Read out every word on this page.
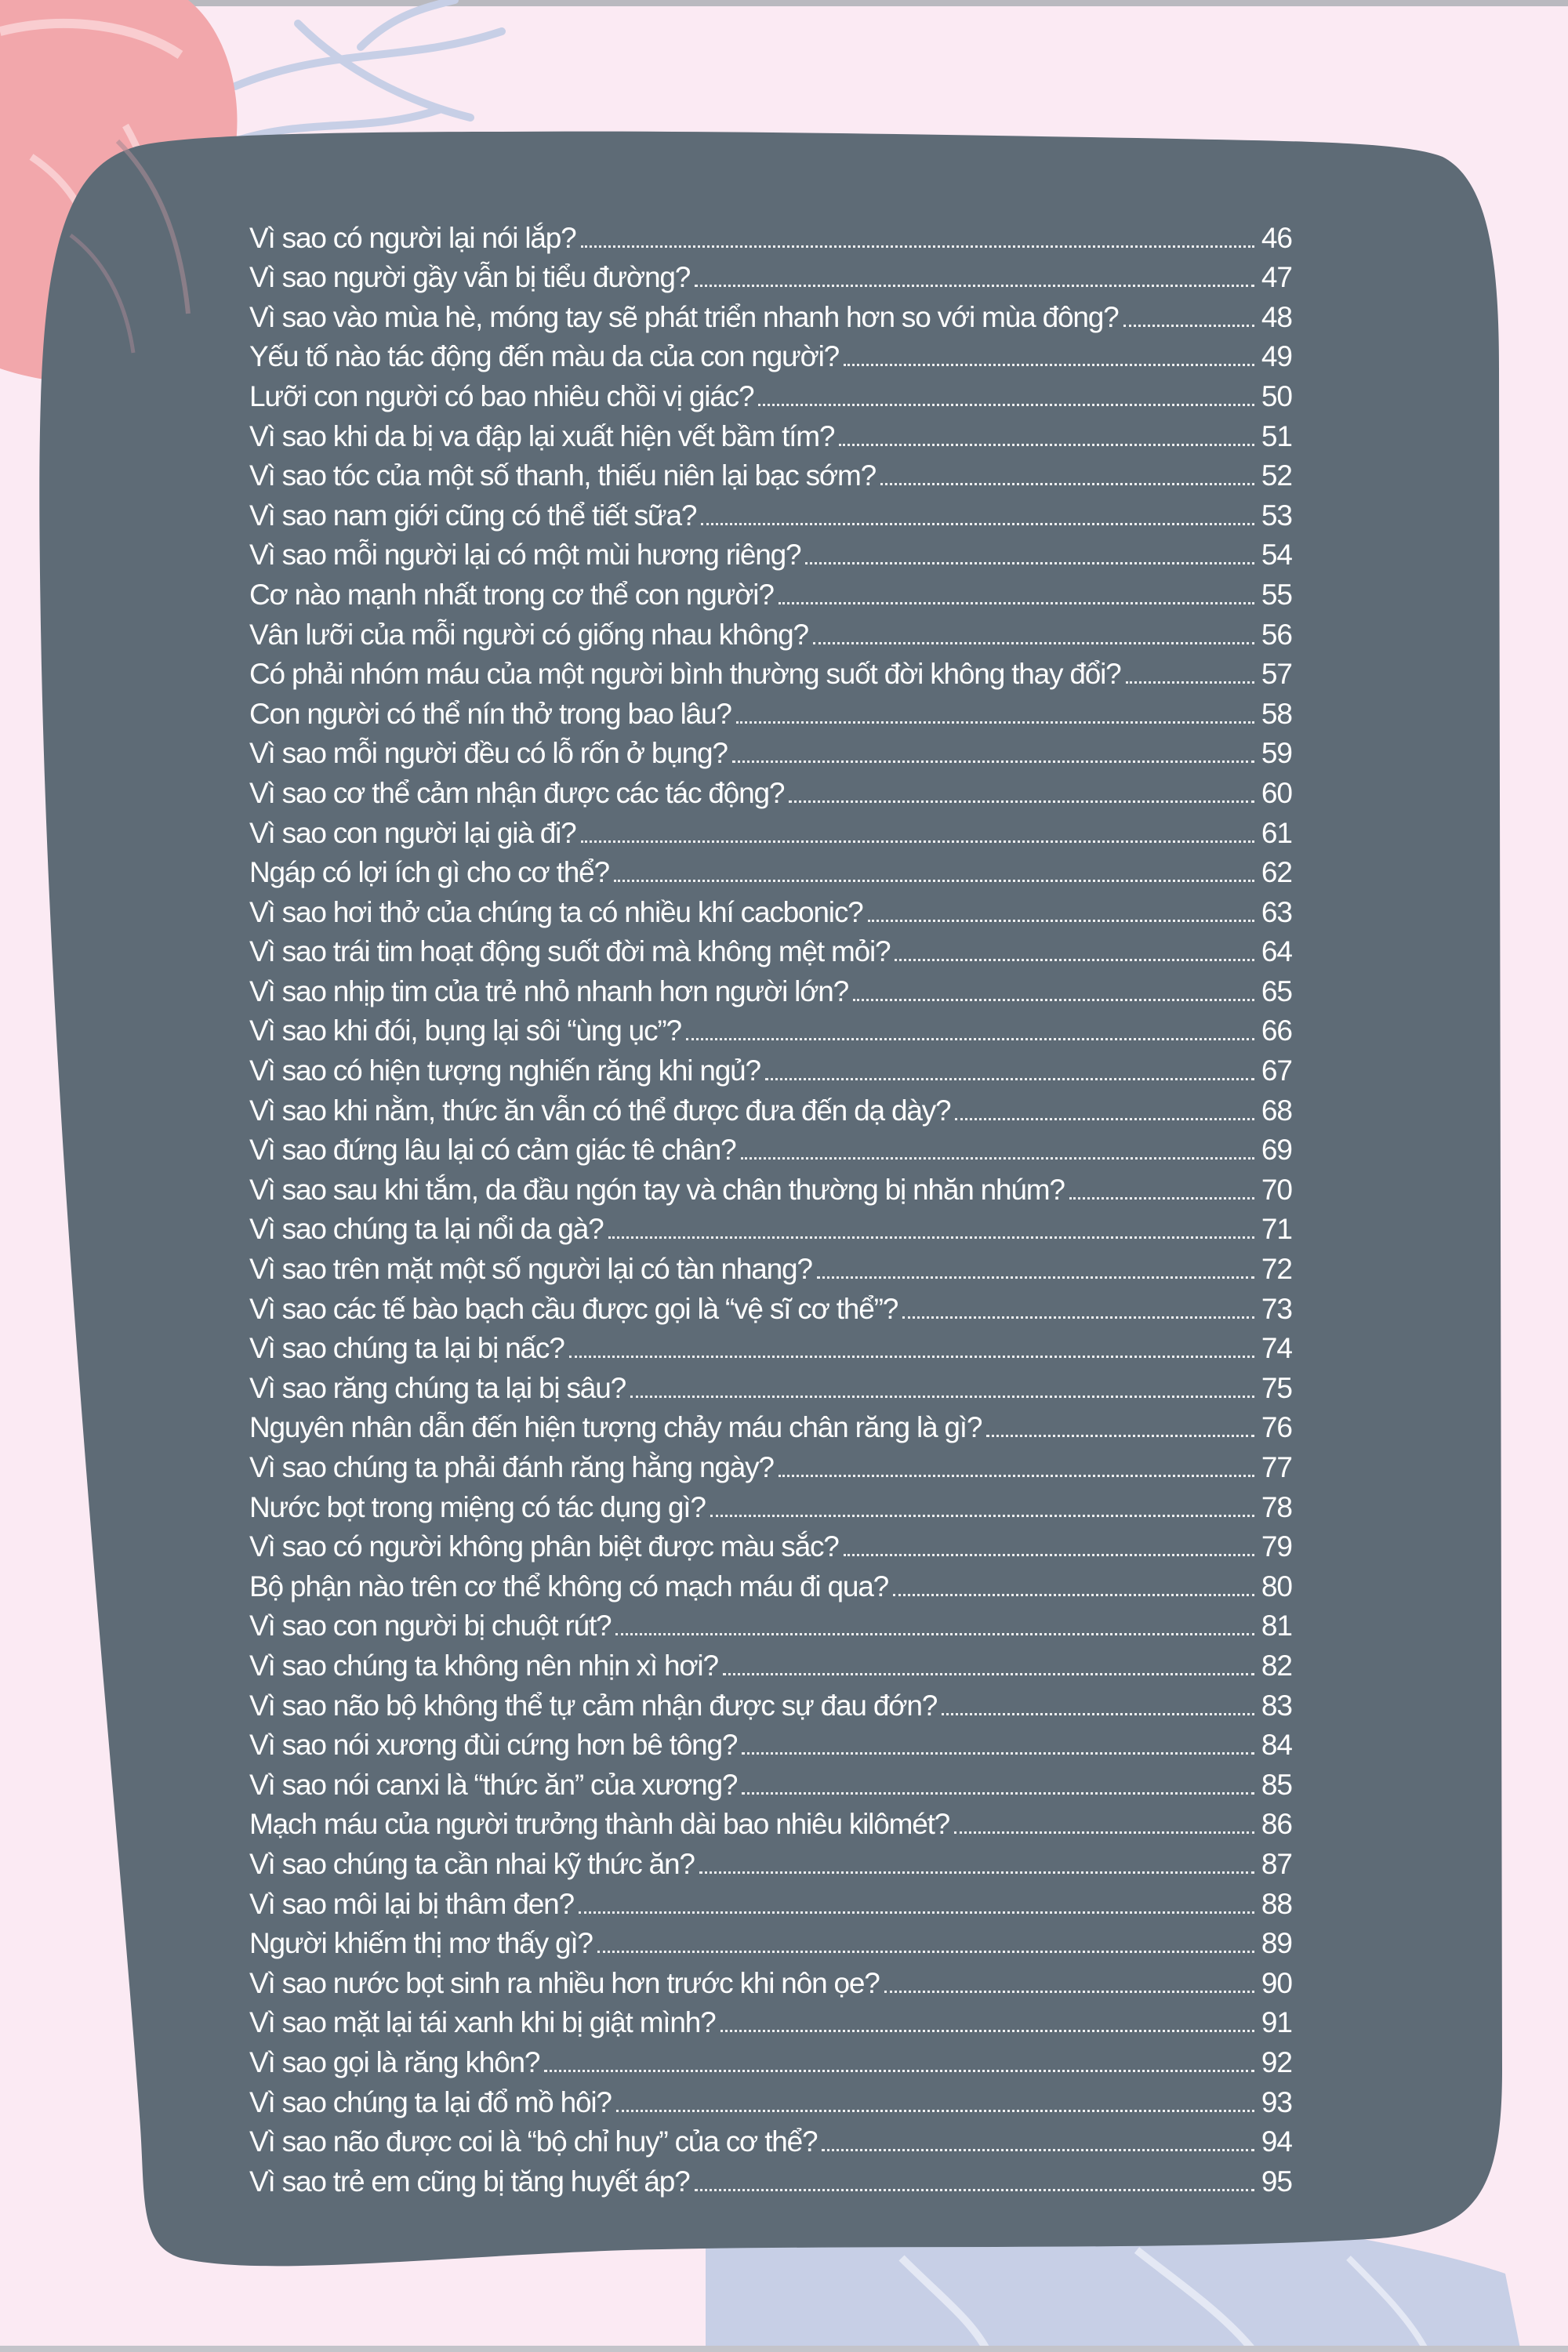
Vì sao có người lại nói lắp?	46
Vì sao người gầy vẫn bị tiểu đường?	47
Vì sao vào mùa hè, móng tay sẽ phát triển nhanh hơn so với mùa đông?	48
Yếu tố nào tác động đến màu da của con người?	49
Lưỡi con người có bao nhiêu chồi vị giác?	50
Vì sao khi da bị va đập lại xuất hiện vết bầm tím?	51
Vì sao tóc của một số thanh, thiếu niên lại bạc sớm?	52
Vì sao nam giới cũng có thể tiết sữa?	53
Vì sao mỗi người lại có một mùi hương riêng?	54
Cơ nào mạnh nhất trong cơ thể con người?	55
Vân lưỡi của mỗi người có giống nhau không?	56
Có phải nhóm máu của một người bình thường suốt đời không thay đổi?	57
Con người có thể nín thở trong bao lâu?	58
Vì sao mỗi người đều có lỗ rốn ở bụng?	59
Vì sao cơ thể cảm nhận được các tác động?	60
Vì sao con người lại già đi?	61
Ngáp có lợi ích gì cho cơ thể?	62
Vì sao hơi thở của chúng ta có nhiều khí cacbonic?	63
Vì sao trái tim hoạt động suốt đời mà không mệt mỏi?	64
Vì sao nhịp tim của trẻ nhỏ nhanh hơn người lớn?	65
Vì sao khi đói, bụng lại sôi “ùng ục”?	66
Vì sao có hiện tượng nghiến răng khi ngủ?	67
Vì sao khi nằm, thức ăn vẫn có thể được đưa đến dạ dày?	68
Vì sao đứng lâu lại có cảm giác tê chân?	69
Vì sao sau khi tắm, da đầu ngón tay và chân thường bị nhăn nhúm?	70
Vì sao chúng ta lại nổi da gà?	71
Vì sao trên mặt một số người lại có tàn nhang?	72
Vì sao các tế bào bạch cầu được gọi là “vệ sĩ cơ thể”?	73
Vì sao chúng ta lại bị nấc?	74
Vì sao răng chúng ta lại bị sâu?	75
Nguyên nhân dẫn đến hiện tượng chảy máu chân răng là gì?	76
Vì sao chúng ta phải đánh răng hằng ngày?	77
Nước bọt trong miệng có tác dụng gì?	78
Vì sao có người không phân biệt được màu sắc?	79
Bộ phận nào trên cơ thể không có mạch máu đi qua?	80
Vì sao con người bị chuột rút?	81
Vì sao chúng ta không nên nhịn xì hơi?	82
Vì sao não bộ không thể tự cảm nhận được sự đau đớn?	83
Vì sao nói xương đùi cứng hơn bê tông?	84
Vì sao nói canxi là “thức ăn” của xương?	85
Mạch máu của người trưởng thành dài bao nhiêu kilômét?	86
Vì sao chúng ta cần nhai kỹ thức ăn?	87
Vì sao môi lại bị thâm đen?	88
Người khiếm thị mơ thấy gì?	89
Vì sao nước bọt sinh ra nhiều hơn trước khi nôn ọe?	90
Vì sao mặt lại tái xanh khi bị giật mình?	91
Vì sao gọi là răng khôn?	92
Vì sao chúng ta lại đổ mồ hôi?	93
Vì sao não được coi là “bộ chỉ huy” của cơ thể?	94
Vì sao trẻ em cũng bị tăng huyết áp?	95
